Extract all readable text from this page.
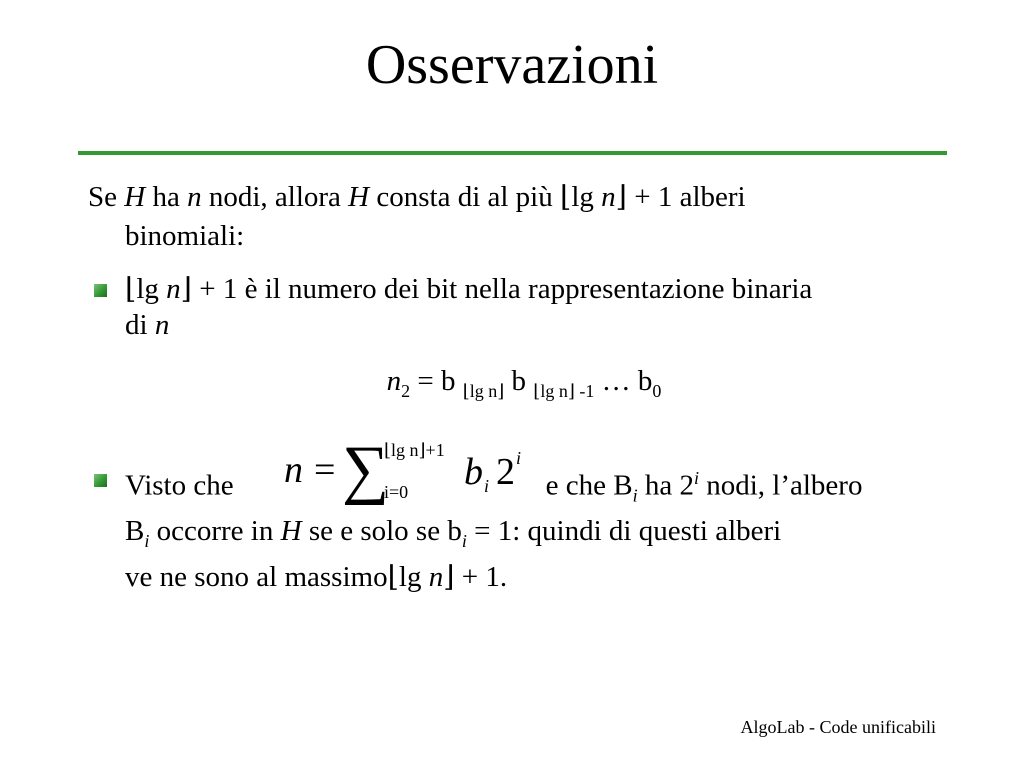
Osservazioni
Se H ha n nodi, allora H consta di al più ⌊lg n⌋ + 1 alberi
binomiali:
⌊lg n⌋ + 1 è il numero dei bit nella rappresentazione binaria
di n
$n_2 = b$ $_{⌊lg n⌋}$ b $_{⌊lg n⌋ -1}$ … $b_0$
Visto che	e che $B_i$ ha 2$^i$ nodi, l’albero
$B_i$ occorre in H se e solo se $b_i = 1$: quindi di questi alberi
ve ne sono al massimo⌊lg n⌋ + 1.
n = ∑
⌊lg n⌋+1
i=0 b i 2 i
AlgoLab - Code unificabili
